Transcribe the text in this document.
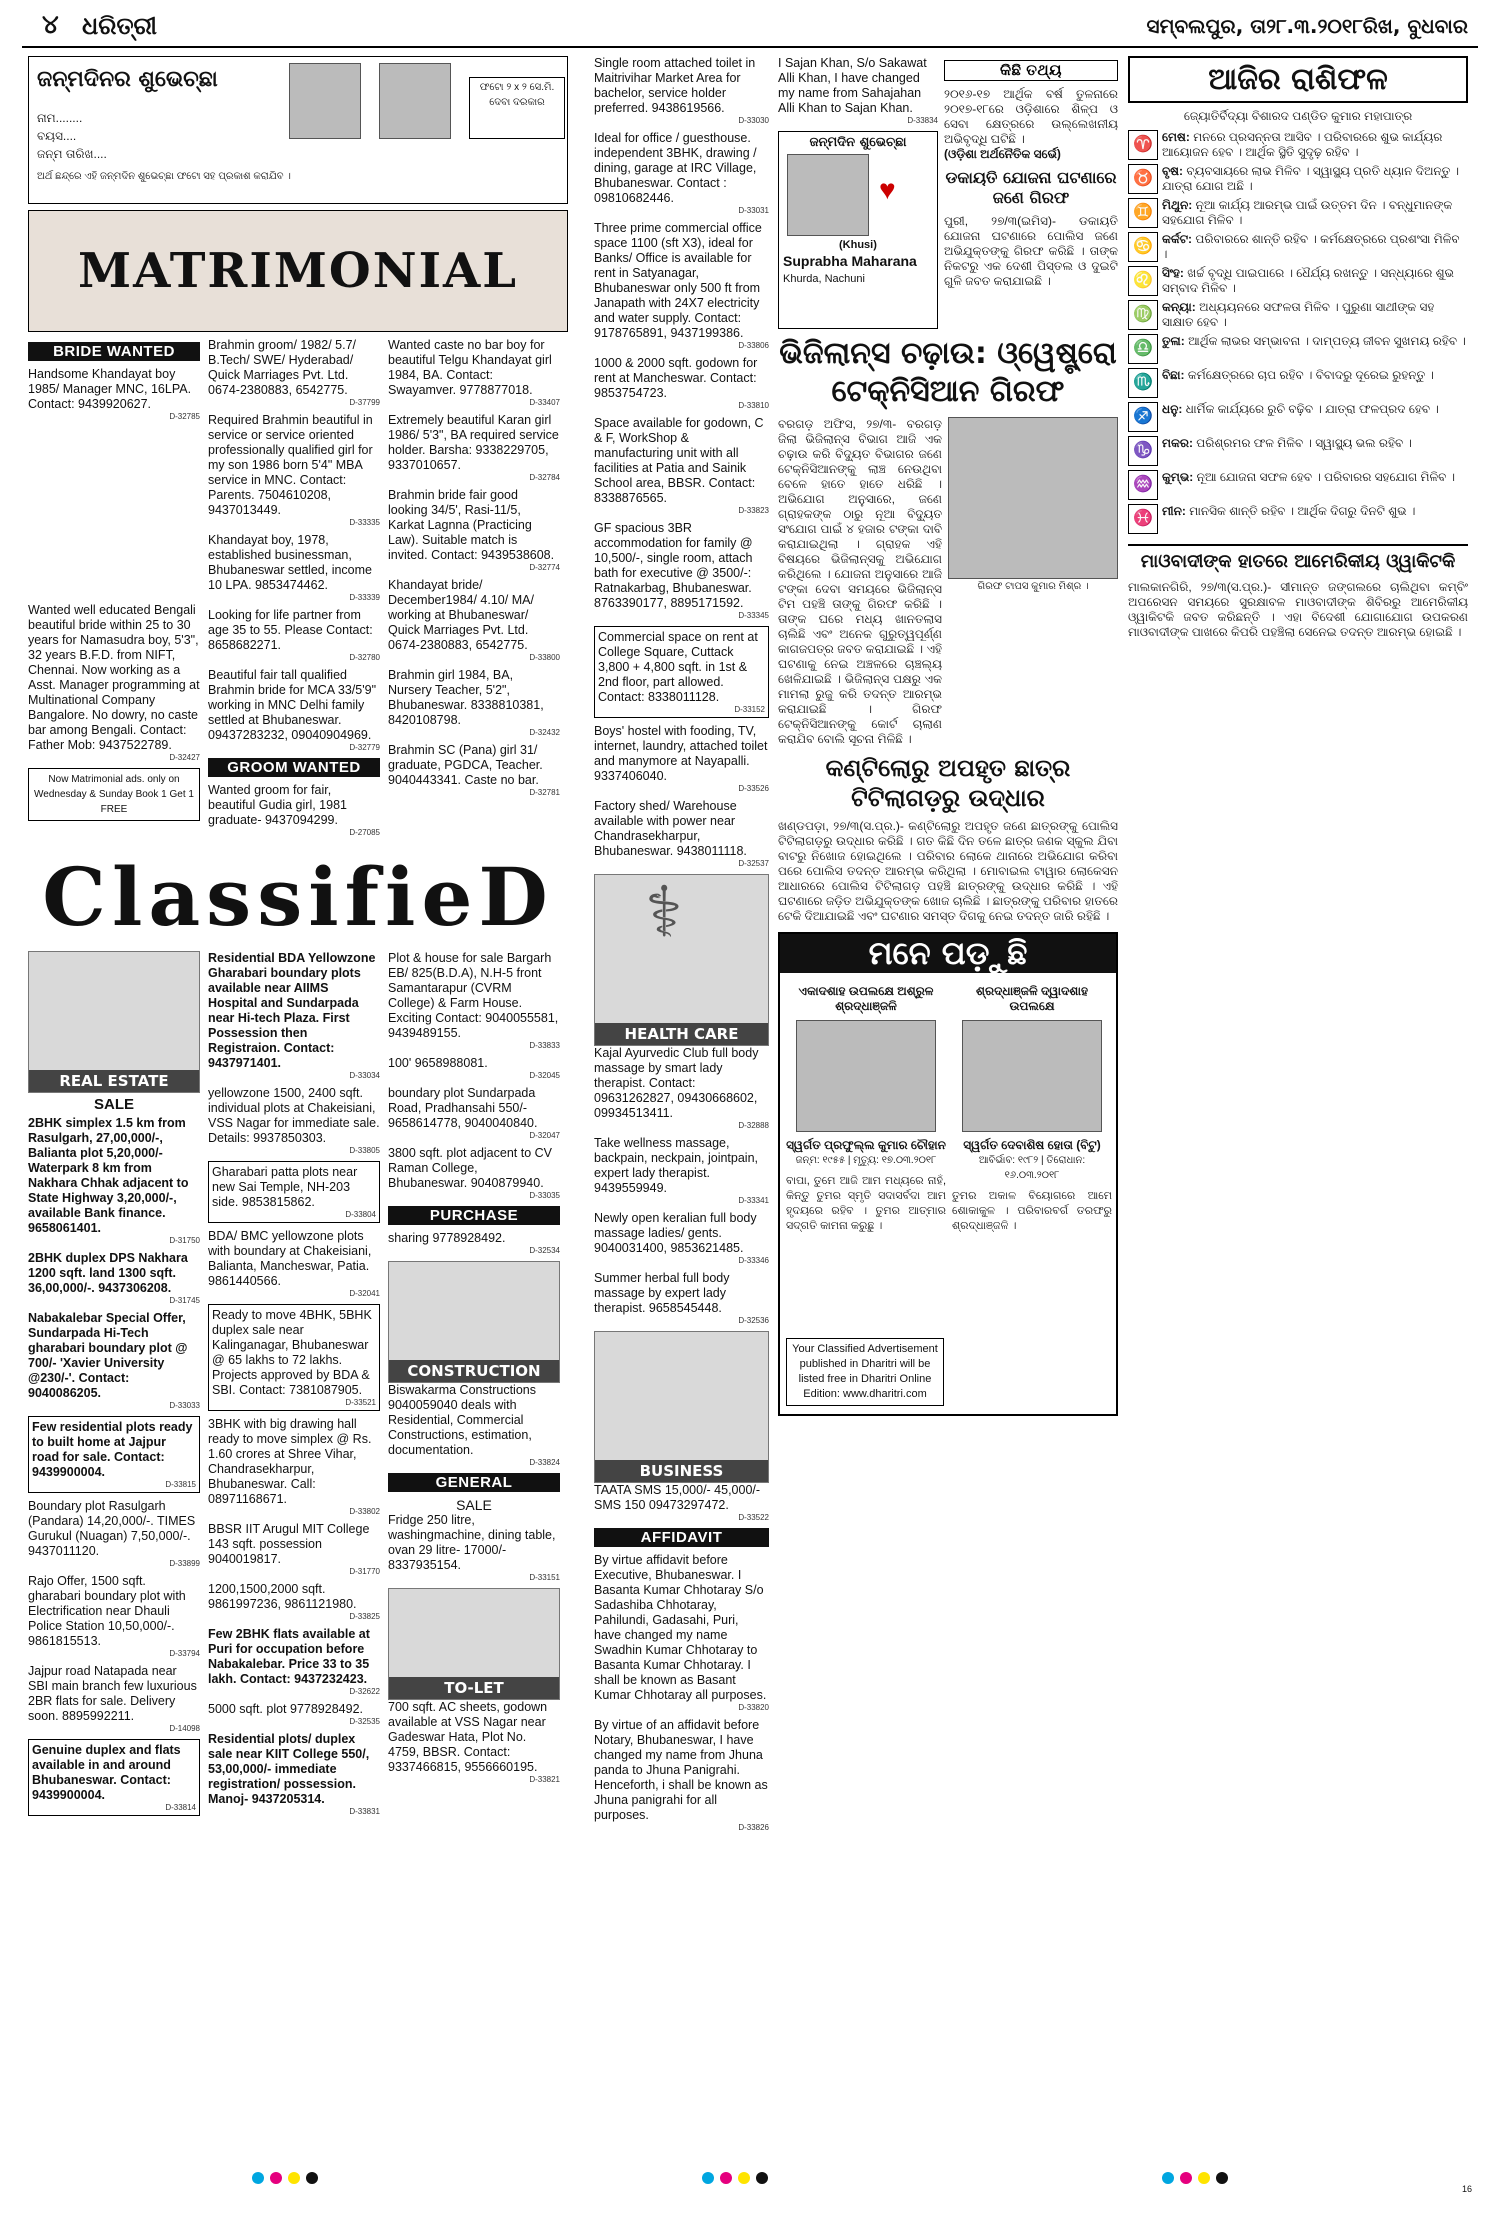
୪ ଧରିତ୍ରୀ	ସମ୍ବଲପୁର, ତା୨୮.୩.୨୦୧୮ରିଖ, ବୁଧବାର
ଜନ୍ମଦିନର ଶୁଭେଚ୍ଛା	ଫଟୋ ୨ x ୨ ସେ.ମି. ଦେବା ଦରକାର
ନାମ........
ବୟସ....
ଜନ୍ମ ତାରିଖ....
ଅର୍ଥ ଛନ୍ଦ୍ରେ ଏହି ଜନ୍ମଦିନ ଶୁଭେଚ୍ଛା ଫଟୋ ସହ ପ୍ରକାଶ କରାଯିବ ।
MATRIMONIAL
BRIDE WANTED
Handsome Khandayat boy 1985/ Manager MNC, 16LPA. Contact: 9439920627.
D-32785
Wanted well educated Bengali beautiful bride within 25 to 30 years for Namasudra boy, 5'3", 32 years B.F.D. from NIFT, Chennai. Now working as a Asst. Manager programming at Multinational Company Bangalore. No dowry, no caste bar among Bengali. Contact: Father Mob: 9437522789.
D-32427
Now Matrimonial ads. only on Wednesday & Sunday Book 1 Get 1 FREE
Brahmin groom/ 1982/ 5.7/ B.Tech/ SWE/ Hyderabad/ Quick Marriages Pvt. Ltd. 0674-2380883, 6542775.
D-37799
Required Brahmin beautiful in service or service oriented professionally qualified girl for my son 1986 born 5'4" MBA service in MNC. Contact: Parents. 7504610208, 9437013449.
D-33335
Khandayat boy, 1978, established businessman, Bhubaneswar settled, income 10 LPA. 9853474462.
D-33339
Looking for life partner from age 35 to 55. Please Contact: 8658682271.
D-32780
Beautiful fair tall qualified Brahmin bride for MCA 33/5'9" working in MNC Delhi family settled at Bhubaneswar. 09437283232, 09040904969.
D-32779
GROOM WANTED
Wanted groom for fair, beautiful Gudia girl, 1981 graduate- 9437094299.
D-27085
Wanted caste no bar boy for beautiful Telgu Khandayat girl 1984, BA. Contact: Swayamver. 9778877018.
D-33407
Extremely beautiful Karan girl 1986/ 5'3", BA required service holder. Barsha: 9338229705, 9337010657.
D-32784
Brahmin bride fair good looking 34/5', Rasi-11/5, Karkat Lagnna (Practicing Law). Suitable match is invited. Contact: 9439538608.
D-32774
Khandayat bride/ December1984/ 4.10/ MA/ working at Bhubaneswar/ Quick Marriages Pvt. Ltd. 0674-2380883, 6542775.
D-33800
Brahmin girl 1984, BA, Nursery Teacher, 5'2", Bhubaneswar. 8338810381, 8420108798.
D-32432
Brahmin SC (Pana) girl 31/ graduate, PGDCA, Teacher. 9040443341. Caste no bar.
D-32781
ClassifieD
REAL ESTATE
SALE
2BHK simplex 1.5 km from Rasulgarh, 27,00,000/-, Balianta plot 5,20,000/- Waterpark 8 km from Nakhara Chhak adjacent to State Highway 3,20,000/-, available Bank finance. 9658061401.
D-31750
2BHK duplex DPS Nakhara 1200 sqft. land 1300 sqft. 36,00,000/-. 9437306208.
D-31745
Nabakalebar Special Offer, Sundarpada Hi-Tech gharabari boundary plot @ 700/- 'Xavier University @230/-'. Contact: 9040086205.
D-33033
Few residential plots ready to built home at Jajpur road for sale. Contact: 9439900004.
D-33815
Boundary plot Rasulgarh (Pandara) 14,20,000/-. TIMES Gurukul (Nuagan) 7,50,000/-. 9437011120.
D-33899
Rajo Offer, 1500 sqft. gharabari boundary plot with Electrification near Dhauli Police Station 10,50,000/-. 9861815513.
D-33794
Jajpur road Natapada near SBI main branch few luxurious 2BR flats for sale. Delivery soon. 8895992211.
D-14098
Genuine duplex and flats available in and around Bhubaneswar. Contact: 9439900004.
D-33814
Residential BDA Yellowzone Gharabari boundary plots available near AIIMS Hospital and Sundarpada near Hi-tech Plaza. First Possession then Registraion. Contact: 9437971401.
D-33034
yellowzone 1500, 2400 sqft. individual plots at Chakeisiani, VSS Nagar for immediate sale. Details: 9937850303.
D-33805
Gharabari patta plots near new Sai Temple, NH-203 side. 9853815862.
D-33804
BDA/ BMC yellowzone plots with boundary at Chakeisiani, Balianta, Mancheswar, Patia. 9861440566.
D-32041
Ready to move 4BHK, 5BHK duplex sale near Kalinganagar, Bhubaneswar @ 65 lakhs to 72 lakhs. Projects approved by BDA & SBI. Contact: 7381087905.
D-33521
3BHK with big drawing hall ready to move simplex @ Rs. 1.60 crores at Shree Vihar, Chandrasekharpur, Bhubaneswar. Call: 08971168671.
D-33802
BBSR IIT Arugul MIT College 143 sqft. possession 9040019817.
D-31770
1200,1500,2000 sqft. 9861997236, 9861121980.
D-33825
Few 2BHK flats available at Puri for occupation before Nabakalebar. Price 33 to 35 lakh. Contact: 9437232423.
D-32622
5000 sqft. plot 9778928492.
D-32535
Residential plots/ duplex sale near KIIT College 550/, 53,00,000/- immediate registration/ possession. Manoj- 9437205314.
D-33831
Plot & house for sale Bargarh EB/ 825(B.D.A), N.H-5 front Samantarapur (CVRM College) & Farm House. Exciting Contact: 9040055581, 9439489155.
D-33833
100' 9658988081.
D-32045
boundary plot Sundarpada Road, Pradhansahi 550/- 9658614778, 9040040840.
D-32047
3800 sqft. plot adjacent to CV Raman College, Bhubaneswar. 9040879940.
D-33035
PURCHASE
sharing 9778928492.
D-32534
CONSTRUCTION
Biswakarma Constructions 9040059040 deals with Residential, Commercial Constructions, estimation, documentation.
D-33824
GENERAL
SALE
Fridge 250 litre, washingmachine, dining table, ovan 29 litre- 17000/- 8337935154.
D-33151
TO-LET
700 sqft. AC sheets, godown available at VSS Nagar near Gadeswar Hata, Plot No. 4759, BBSR. Contact: 9337466815, 9556660195.
D-33821
Single room attached toilet in Maitrivihar Market Area for bachelor, service holder preferred. 9438619566.
D-33030
Ideal for office / guesthouse. independent 3BHK, drawing / dining, garage at IRC Village, Bhubaneswar. Contact : 09810682446.
D-33031
Three prime commercial office space 1100 (sft X3), ideal for Banks/ Office is available for rent in Satyanagar, Bhubaneswar only 500 ft from Janapath with 24X7 electricity and water supply. Contact: 9178765891, 9437199386.
D-33806
1000 & 2000 sqft. godown for rent at Mancheswar. Contact: 9853754723.
D-33810
Space available for godown, C & F, WorkShop & manufacturing unit with all facilities at Patia and Sainik School area, BBSR. Contact: 8338876565.
D-33823
GF spacious 3BR accommodation for family @ 10,500/-, single room, attach bath for executive @ 3500/-: Ratnakarbag, Bhubaneswar. 8763390177, 8895171592.
D-33345
Commercial space on rent at College Square, Cuttack 3,800 + 4,800 sqft. in 1st & 2nd floor, part allowed. Contact: 8338011128.
D-33152
Boys' hostel with fooding, TV, internet, laundry, attached toilet and manymore at Nayapalli. 9337406040.
D-33526
Factory shed/ Warehouse available with power near Chandrasekharpur, Bhubaneswar. 9438011118.
D-32537
⚕
HEALTH CARE
Kajal Ayurvedic Club full body massage by smart lady therapist. Contact: 09631262827, 09430668602, 09934513411.
D-32888
Take wellness massage, backpain, neckpain, jointpain, expert lady therapist. 9439559949.
D-33341
Newly open keralian full body massage ladies/ gents. 9040031400, 9853621485.
D-33346
Summer herbal full body massage by expert lady therapist. 9658545448.
D-32536
BUSINESS
TAATA SMS 15,000/- 45,000/- SMS 150 09473297472.
D-33522
AFFIDAVIT
By virtue affidavit before Executive, Bhubaneswar. I Basanta Kumar Chhotaray S/o Sadashiba Chhotaray, Pahilundi, Gadasahi, Puri, have changed my name Swadhin Kumar Chhotaray to Basanta Kumar Chhotaray. I shall be known as Basant Kumar Chhotaray all purposes.
D-33820
By virtue of an affidavit before Notary, Bhubaneswar, I have changed my name from Jhuna panda to Jhuna Panigrahi. Henceforth, i shall be known as Jhuna panigrahi for all purposes.
D-33826
I Sajan Khan, S/o Sakawat Alli Khan, I have changed my name from Sahajahan Alli Khan to Sajan Khan.
D-33834
ଜନ୍ମଦିନ ଶୁଭେଚ୍ଛା
♥
(Khusi)
Suprabha Maharana
Khurda, Nachuni
କିଛି ତଥ୍ୟ
୨୦୧୬-୧୭ ଆର୍ଥିକ ବର୍ଷ ତୁଳନାରେ ୨୦୧୭-୧୮ରେ ଓଡ଼ିଶାରେ ଶିଳ୍ପ ଓ ସେବା କ୍ଷେତ୍ରରେ ଉଲ୍ଲେଖନୀୟ ଅଭିବୃଦ୍ଧି ଘଟିଛି ।
(ଓଡ଼ିଶା ଅର୍ଥନୈତିକ ସର୍ଭେ)
ଡକାୟତି ଯୋଜନା ଘଟଣାରେ ଜଣେ ଗିରଫ
ପୁରୀ, ୨୭/୩(ଇମିସ)- ଡକାୟତି ଯୋଜନା ଘଟଣାରେ ପୋଲିସ ଜଣେ ଅଭିଯୁକ୍ତଙ୍କୁ ଗିରଫ କରିଛି । ତାଙ୍କ ନିକଟରୁ ଏକ ଦେଶୀ ପିସ୍ତଲ ଓ ଦୁଇଟି ଗୁଳି ଜବତ କରାଯାଇଛି ।
ଭିଜିଲାନ୍ସ ଚଢ଼ାଉ: ଓ୍ୱେଷ୍ଟ୍ରୋ ଟେକ୍ନିସିଆନ ଗିରଫ
ବରଗଡ଼ ଅଫିସ, ୨୭/୩- ବରଗଡ଼ ଜିଲା ଭିଜିଲାନ୍ସ ବିଭାଗ ଆଜି ଏକ ଚଢ଼ାଉ କରି ବିଦ୍ୟୁତ ବିଭାଗର ଜଣେ ଟେକ୍ନିସିଆନଙ୍କୁ ଲାଞ୍ଚ ନେଉଥିବା ବେଳେ ହାତେ ହାତେ ଧରିଛି । ଅଭିଯୋଗ ଅନୁସାରେ, ଜଣେ ଗ୍ରାହକଙ୍କ ଠାରୁ ନୂଆ ବିଦ୍ୟୁତ ସଂଯୋଗ ପାଇଁ ୪ ହଜାର ଟଙ୍କା ଦାବି କରାଯାଇଥିଲା । ଗ୍ରାହକ ଏହି ବିଷୟରେ ଭିଜିଲାନ୍ସକୁ ଅଭିଯୋଗ କରିଥିଲେ । ଯୋଜନା ଅନୁସାରେ ଆଜି ଟଙ୍କା ଦେବା ସମୟରେ ଭିଜିଲାନ୍ସ ଟିମ ପହଞ୍ଚି ତାଙ୍କୁ ଗିରଫ କରିଛି । ତାଙ୍କ ଘରେ ମଧ୍ୟ ଖାନତଲାସ ଚାଲିଛି ଏବଂ ଅନେକ ଗୁରୁତ୍ୱପୂର୍ଣ୍ଣ କାଗଜପତ୍ର ଜବତ କରାଯାଇଛି । ଏହି ଘଟଣାକୁ ନେଇ ଅଞ୍ଚଳରେ ଚାଞ୍ଚଲ୍ୟ ଖେଳିଯାଇଛି । ଭିଜିଲାନ୍ସ ପକ୍ଷରୁ ଏକ ମାମଲା ରୁଜୁ କରି ତଦନ୍ତ ଆରମ୍ଭ କରାଯାଇଛି । ଗିରଫ ଟେକ୍ନିସିଆନଙ୍କୁ କୋର୍ଟ ଚାଲାଣ କରାଯିବ ବୋଲି ସୂଚନା ମିଳିଛି ।
ଗିରଫ ଟାପସ କୁମାର ମିଶ୍ର ।
କଣ୍ଟିଲୋରୁ ଅପହୃତ ଛାତ୍ର ଟିଟିଲାଗଡ଼ରୁ ଉଦ୍ଧାର
ଖଣ୍ଡପଡ଼ା, ୨୭/୩(ସ.ପ୍ର.)- କଣ୍ଟିଲୋରୁ ଅପହୃତ ଜଣେ ଛାତ୍ରଙ୍କୁ ପୋଲିସ ଟିଟିଲାଗଡ଼ରୁ ଉଦ୍ଧାର କରିଛି । ଗତ କିଛି ଦିନ ତଳେ ଛାତ୍ର ଜଣକ ସ୍କୁଲ ଯିବା ବାଟରୁ ନିଖୋଜ ହୋଇଥିଲେ । ପରିବାର ଲୋକେ ଥାନାରେ ଅଭିଯୋଗ କରିବା ପରେ ପୋଲିସ ତଦନ୍ତ ଆରମ୍ଭ କରିଥିଲା । ମୋବାଇଲ ଟାୱାର ଲୋକେସନ ଆଧାରରେ ପୋଲିସ ଟିଟିଲାଗଡ଼ ପହଞ୍ଚି ଛାତ୍ରଙ୍କୁ ଉଦ୍ଧାର କରିଛି । ଏହି ଘଟଣାରେ ଜଡ଼ିତ ଅଭିଯୁକ୍ତଙ୍କ ଖୋଜ ଚାଲିଛି । ଛାତ୍ରଙ୍କୁ ପରିବାର ହାତରେ ଟେକି ଦିଆଯାଇଛି ଏବଂ ଘଟଣାର ସମସ୍ତ ଦିଗକୁ ନେଇ ତଦନ୍ତ ଜାରି ରହିଛି ।
ମନେ ପଡ଼ୁଛି
ଏକାଦଶାହ ଉପଲକ୍ଷେ ଅଶ୍ରୁଳ ଶ୍ରଦ୍ଧାଞ୍ଜଳି
ସ୍ୱର୍ଗତ ପ୍ରଫୁଲ୍ଲ କୁମାର ଚୌହାନ
ଜନ୍ମ: ୧୯୫୫ | ମୃତ୍ୟୁ: ୧୭.୦୩.୨୦୧୮
ବାପା, ତୁମେ ଆଜି ଆମ ମଧ୍ୟରେ ନାହଁ, କିନ୍ତୁ ତୁମର ସ୍ମୃତି ସଦାସର୍ବଦା ଆମ ହୃଦୟରେ ରହିବ । ତୁମର ଆତ୍ମାର ସଦ୍‌ଗତି କାମନା କରୁଛୁ ।
ଶ୍ରଦ୍ଧାଞ୍ଜଳି ଦ୍ୱାଦଶାହ ଉପଲକ୍ଷେ
ସ୍ୱର୍ଗତ ଦେବାଶିଷ ହୋତା (ବିଟୁ)
ଆବିର୍ଭାବ: ୧୯୮୨ | ତିରୋଧାନ: ୧୬.୦୩.୨୦୧୮
ତୁମର ଅକାଳ ବିୟୋଗରେ ଆମେ ଶୋକାକୁଳ । ପରିବାରବର୍ଗ ତରଫରୁ ଶ୍ରଦ୍ଧାଞ୍ଜଳି ।
Your Classified Advertisement published in Dharitri will be listed free in Dharitri Online Edition: www.dharitri.com
ଆଜିର ରାଶିଫଳ
ଜ୍ୟୋତିର୍ବିଦ୍ୟା ବିଶାରଦ ପଣ୍ଡିତ କୁମାର ମହାପାତ୍ର
♈ ମେଷ: ମନରେ ପ୍ରସନ୍ନତା ଆସିବ । ପରିବାରରେ ଶୁଭ କାର୍ଯ୍ୟର ଆୟୋଜନ ହେବ । ଆର୍ଥିକ ସ୍ଥିତି ସୁଦୃଢ଼ ରହିବ ।
♉ ବୃଷ: ବ୍ୟବସାୟରେ ଲାଭ ମିଳିବ । ସ୍ୱାସ୍ଥ୍ୟ ପ୍ରତି ଧ୍ୟାନ ଦିଅନ୍ତୁ । ଯାତ୍ରା ଯୋଗ ଅଛି ।
♊ ମିଥୁନ: ନୂଆ କାର୍ଯ୍ୟ ଆରମ୍ଭ ପାଇଁ ଉତ୍ତମ ଦିନ । ବନ୍ଧୁମାନଙ୍କ ସହଯୋଗ ମିଳିବ ।
♋ କର୍କଟ: ପରିବାରରେ ଶାନ୍ତି ରହିବ । କର୍ମକ୍ଷେତ୍ରରେ ପ୍ରଶଂସା ମିଳିବ ।
♌ ସିଂହ: ଖର୍ଚ୍ଚ ବୃଦ୍ଧି ପାଇପାରେ । ଧୈର୍ଯ୍ୟ ରଖନ୍ତୁ । ସନ୍ଧ୍ୟାରେ ଶୁଭ ସମ୍ବାଦ ମିଳିବ ।
♍ କନ୍ୟା: ଅଧ୍ୟୟନରେ ସଫଳତା ମିଳିବ । ପୁରୁଣା ସାଥୀଙ୍କ ସହ ସାକ୍ଷାତ ହେବ ।
♎ ତୁଳା: ଆର୍ଥିକ ଲାଭର ସମ୍ଭାବନା । ଦାମ୍ପତ୍ୟ ଜୀବନ ସୁଖମୟ ରହିବ ।
♏ ବିଛା: କର୍ମକ୍ଷେତ୍ରରେ ଚାପ ରହିବ । ବିବାଦରୁ ଦୂରେଇ ରୁହନ୍ତୁ ।
♐ ଧନୁ: ଧାର୍ମିକ କାର୍ଯ୍ୟରେ ରୁଚି ବଢ଼ିବ । ଯାତ୍ରା ଫଳପ୍ରଦ ହେବ ।
♑ ମକର: ପରିଶ୍ରମର ଫଳ ମିଳିବ । ସ୍ୱାସ୍ଥ୍ୟ ଭଲ ରହିବ ।
♒ କୁମ୍ଭ: ନୂଆ ଯୋଜନା ସଫଳ ହେବ । ପରିବାରର ସହଯୋଗ ମିଳିବ ।
♓ ମୀନ: ମାନସିକ ଶାନ୍ତି ରହିବ । ଆର୍ଥିକ ଦିଗରୁ ଦିନଟି ଶୁଭ ।
ମାଓବାଦୀଙ୍କ ହାତରେ ଆମେରିକୀୟ ଓ୍ୱାକିଟକି
ମାଲକାନଗିରି, ୨୭/୩(ସ.ପ୍ର.)- ସୀମାନ୍ତ ଜଙ୍ଗଲରେ ଚାଲିଥିବା କମ୍ବିଂ ଅପରେସନ ସମୟରେ ସୁରକ୍ଷାବଳ ମାଓବାଦୀଙ୍କ ଶିବିରରୁ ଆମେରିକୀୟ ଓ୍ୱାକିଟକି ଜବତ କରିଛନ୍ତି । ଏହା ବିଦେଶୀ ଯୋଗାଯୋଗ ଉପକରଣ ମାଓବାଦୀଙ୍କ ପାଖରେ କିପରି ପହଞ୍ଚିଲା ସେନେଇ ତଦନ୍ତ ଆରମ୍ଭ ହୋଇଛି ।
16
